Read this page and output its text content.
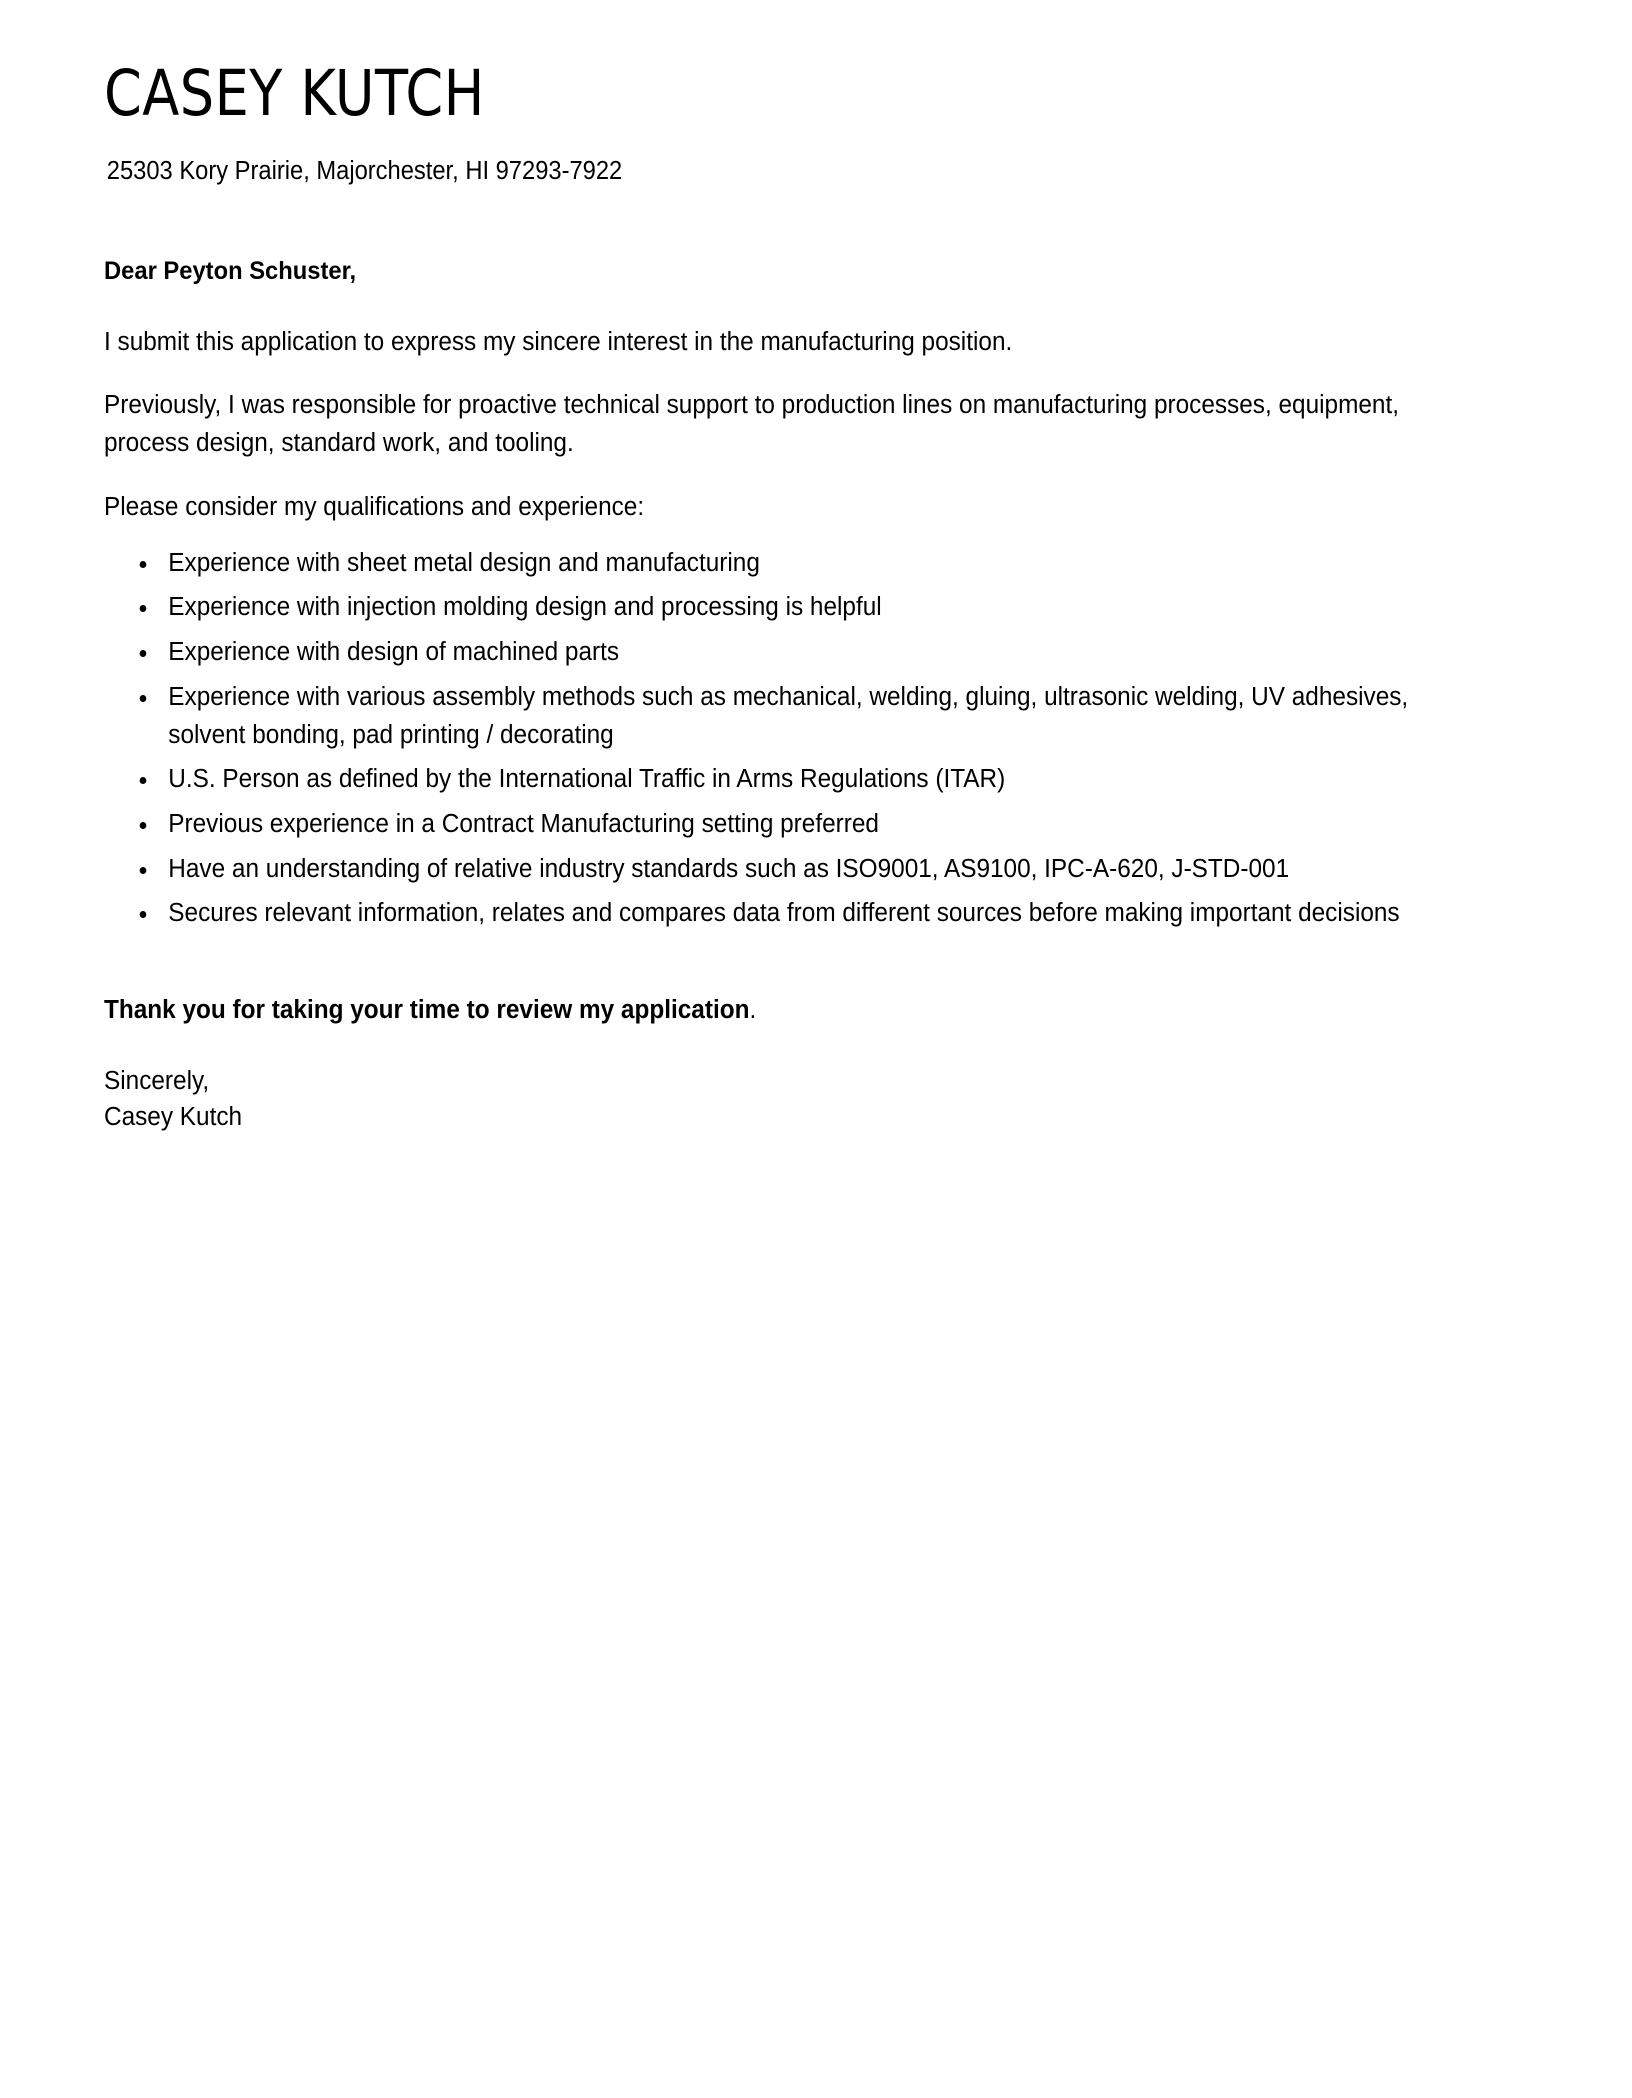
CASEY KUTCH

25303 Kory Prairie, Majorchester, HI 97293-7922

Dear Peyton Schuster,

I submit this application to express my sincere interest in the manufacturing position.

Previously, I was responsible for proactive technical support to production lines on manufacturing processes, equipment, process design, standard work, and tooling.

Please consider my qualifications and experience:

Experience with sheet metal design and manufacturing
Experience with injection molding design and processing is helpful
Experience with design of machined parts
Experience with various assembly methods such as mechanical, welding, gluing, ultrasonic welding, UV adhesives, solvent bonding, pad printing / decorating
U.S. Person as defined by the International Traffic in Arms Regulations (ITAR)
Previous experience in a Contract Manufacturing setting preferred
Have an understanding of relative industry standards such as ISO9001, AS9100, IPC-A-620, J-STD-001
Secures relevant information, relates and compares data from different sources before making important decisions

Thank you for taking your time to review my application.

Sincerely,
Casey Kutch
